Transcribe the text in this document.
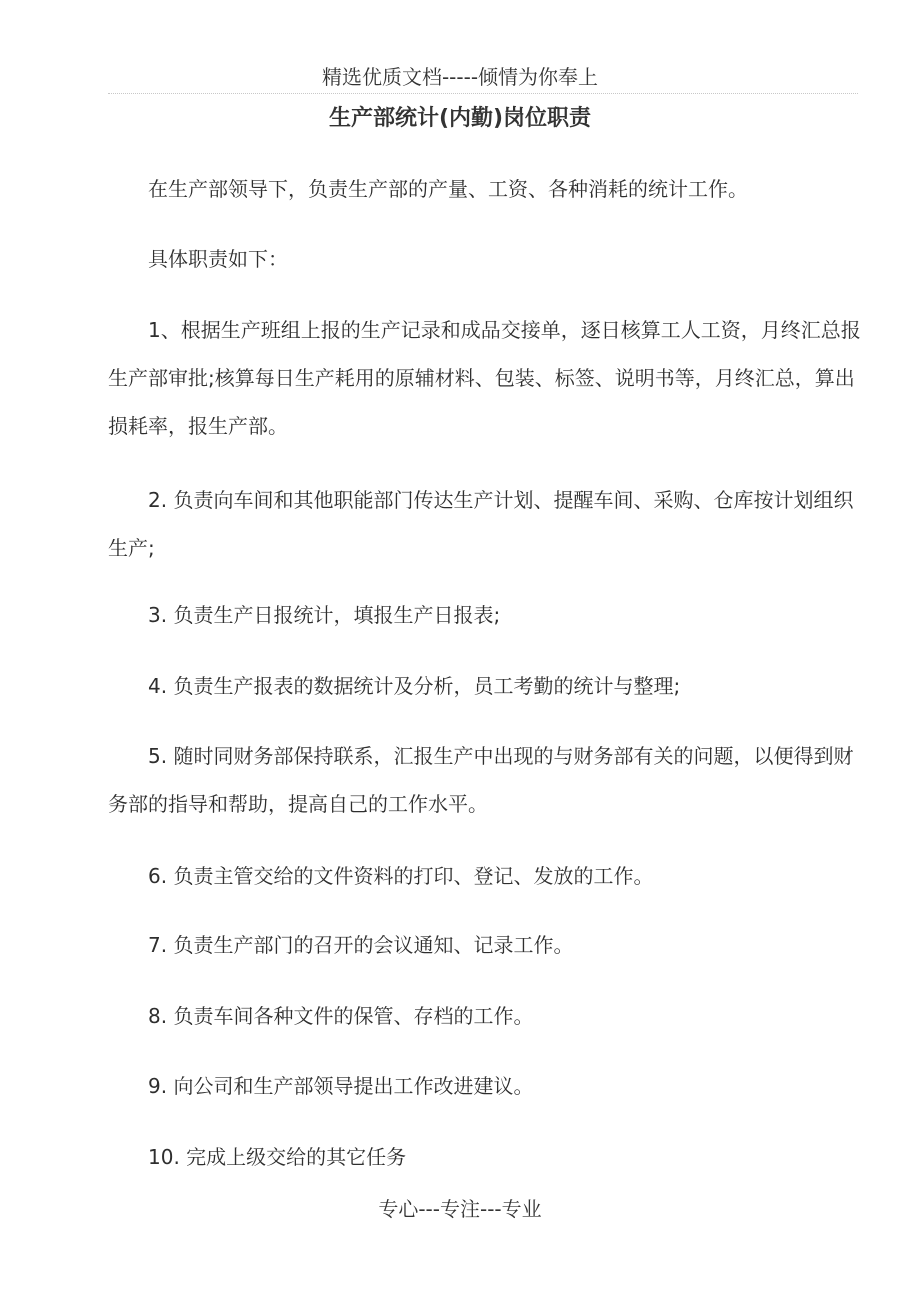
精选优质文档-----倾情为你奉上
生产部统计(内勤)岗位职责

在生产部领导下，负责生产部的产量、工资、各种消耗的统计工作。

具体职责如下：

1、根据生产班组上报的生产记录和成品交接单，逐日核算工人工资，月终汇总报生产部审批;核算每日生产耗用的原辅材料、包装、标签、说明书等，月终汇总，算出损耗率，报生产部。

2. 负责向车间和其他职能部门传达生产计划、提醒车间、采购、仓库按计划组织生产;

3. 负责生产日报统计，填报生产日报表;

4. 负责生产报表的数据统计及分析，员工考勤的统计与整理;

5. 随时同财务部保持联系，汇报生产中出现的与财务部有关的问题，以便得到财务部的指导和帮助，提高自己的工作水平。

6. 负责主管交给的文件资料的打印、登记、发放的工作。

7. 负责生产部门的召开的会议通知、记录工作。

8. 负责车间各种文件的保管、存档的工作。

9. 向公司和生产部领导提出工作改进建议。

10. 完成上级交给的其它任务

专心---专注---专业
